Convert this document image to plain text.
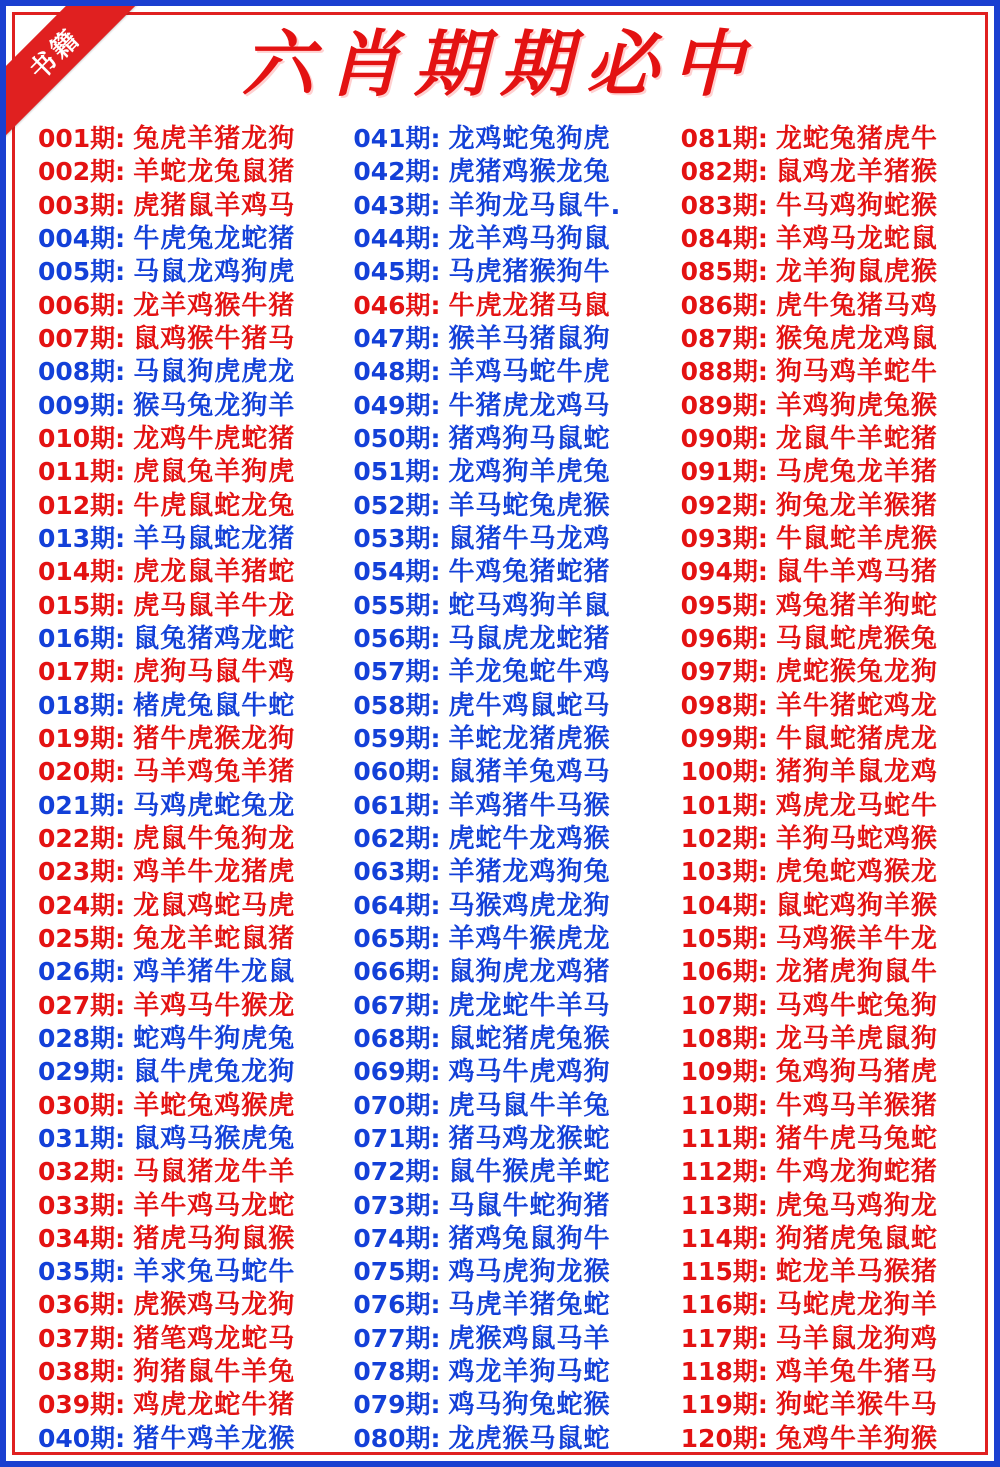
书籍	六肖期期必中
001期: 兔虎羊猪龙狗
002期: 羊蛇龙兔鼠猪
003期: 虎猪鼠羊鸡马
004期: 牛虎兔龙蛇猪
005期: 马鼠龙鸡狗虎
006期: 龙羊鸡猴牛猪
007期: 鼠鸡猴牛猪马
008期: 马鼠狗虎虎龙
009期: 猴马兔龙狗羊
010期: 龙鸡牛虎蛇猪
011期: 虎鼠兔羊狗虎
012期: 牛虎鼠蛇龙兔
013期: 羊马鼠蛇龙猪
014期: 虎龙鼠羊猪蛇
015期: 虎马鼠羊牛龙
016期: 鼠兔猪鸡龙蛇
017期: 虎狗马鼠牛鸡
018期: 楮虎兔鼠牛蛇
019期: 猪牛虎猴龙狗
020期: 马羊鸡兔羊猪
021期: 马鸡虎蛇兔龙
022期: 虎鼠牛兔狗龙
023期: 鸡羊牛龙猪虎
024期: 龙鼠鸡蛇马虎
025期: 兔龙羊蛇鼠猪
026期: 鸡羊猪牛龙鼠
027期: 羊鸡马牛猴龙
028期: 蛇鸡牛狗虎兔
029期: 鼠牛虎兔龙狗
030期: 羊蛇兔鸡猴虎
031期: 鼠鸡马猴虎兔
032期: 马鼠猪龙牛羊
033期: 羊牛鸡马龙蛇
034期: 猪虎马狗鼠猴
035期: 羊求兔马蛇牛
036期: 虎猴鸡马龙狗
037期: 猪笔鸡龙蛇马
038期: 狗猪鼠牛羊兔
039期: 鸡虎龙蛇牛猪
040期: 猪牛鸡羊龙猴
041期: 龙鸡蛇兔狗虎
042期: 虎猪鸡猴龙兔
043期: 羊狗龙马鼠牛.
044期: 龙羊鸡马狗鼠
045期: 马虎猪猴狗牛
046期: 牛虎龙猪马鼠
047期: 猴羊马猪鼠狗
048期: 羊鸡马蛇牛虎
049期: 牛猪虎龙鸡马
050期: 猪鸡狗马鼠蛇
051期: 龙鸡狗羊虎兔
052期: 羊马蛇兔虎猴
053期: 鼠猪牛马龙鸡
054期: 牛鸡兔猪蛇猪
055期: 蛇马鸡狗羊鼠
056期: 马鼠虎龙蛇猪
057期: 羊龙兔蛇牛鸡
058期: 虎牛鸡鼠蛇马
059期: 羊蛇龙猪虎猴
060期: 鼠猪羊兔鸡马
061期: 羊鸡猪牛马猴
062期: 虎蛇牛龙鸡猴
063期: 羊猪龙鸡狗兔
064期: 马猴鸡虎龙狗
065期: 羊鸡牛猴虎龙
066期: 鼠狗虎龙鸡猪
067期: 虎龙蛇牛羊马
068期: 鼠蛇猪虎兔猴
069期: 鸡马牛虎鸡狗
070期: 虎马鼠牛羊兔
071期: 猪马鸡龙猴蛇
072期: 鼠牛猴虎羊蛇
073期: 马鼠牛蛇狗猪
074期: 猪鸡兔鼠狗牛
075期: 鸡马虎狗龙猴
076期: 马虎羊猪兔蛇
077期: 虎猴鸡鼠马羊
078期: 鸡龙羊狗马蛇
079期: 鸡马狗兔蛇猴
080期: 龙虎猴马鼠蛇
081期: 龙蛇兔猪虎牛
082期: 鼠鸡龙羊猪猴
083期: 牛马鸡狗蛇猴
084期: 羊鸡马龙蛇鼠
085期: 龙羊狗鼠虎猴
086期: 虎牛兔猪马鸡
087期: 猴兔虎龙鸡鼠
088期: 狗马鸡羊蛇牛
089期: 羊鸡狗虎兔猴
090期: 龙鼠牛羊蛇猪
091期: 马虎兔龙羊猪
092期: 狗兔龙羊猴猪
093期: 牛鼠蛇羊虎猴
094期: 鼠牛羊鸡马猪
095期: 鸡兔猪羊狗蛇
096期: 马鼠蛇虎猴兔
097期: 虎蛇猴兔龙狗
098期: 羊牛猪蛇鸡龙
099期: 牛鼠蛇猪虎龙
100期: 猪狗羊鼠龙鸡
101期: 鸡虎龙马蛇牛
102期: 羊狗马蛇鸡猴
103期: 虎兔蛇鸡猴龙
104期: 鼠蛇鸡狗羊猴
105期: 马鸡猴羊牛龙
106期: 龙猪虎狗鼠牛
107期: 马鸡牛蛇兔狗
108期: 龙马羊虎鼠狗
109期: 兔鸡狗马猪虎
110期: 牛鸡马羊猴猪
111期: 猪牛虎马兔蛇
112期: 牛鸡龙狗蛇猪
113期: 虎兔马鸡狗龙
114期: 狗猪虎兔鼠蛇
115期: 蛇龙羊马猴猪
116期: 马蛇虎龙狗羊
117期: 马羊鼠龙狗鸡
118期: 鸡羊兔牛猪马
119期: 狗蛇羊猴牛马
120期: 兔鸡牛羊狗猴
